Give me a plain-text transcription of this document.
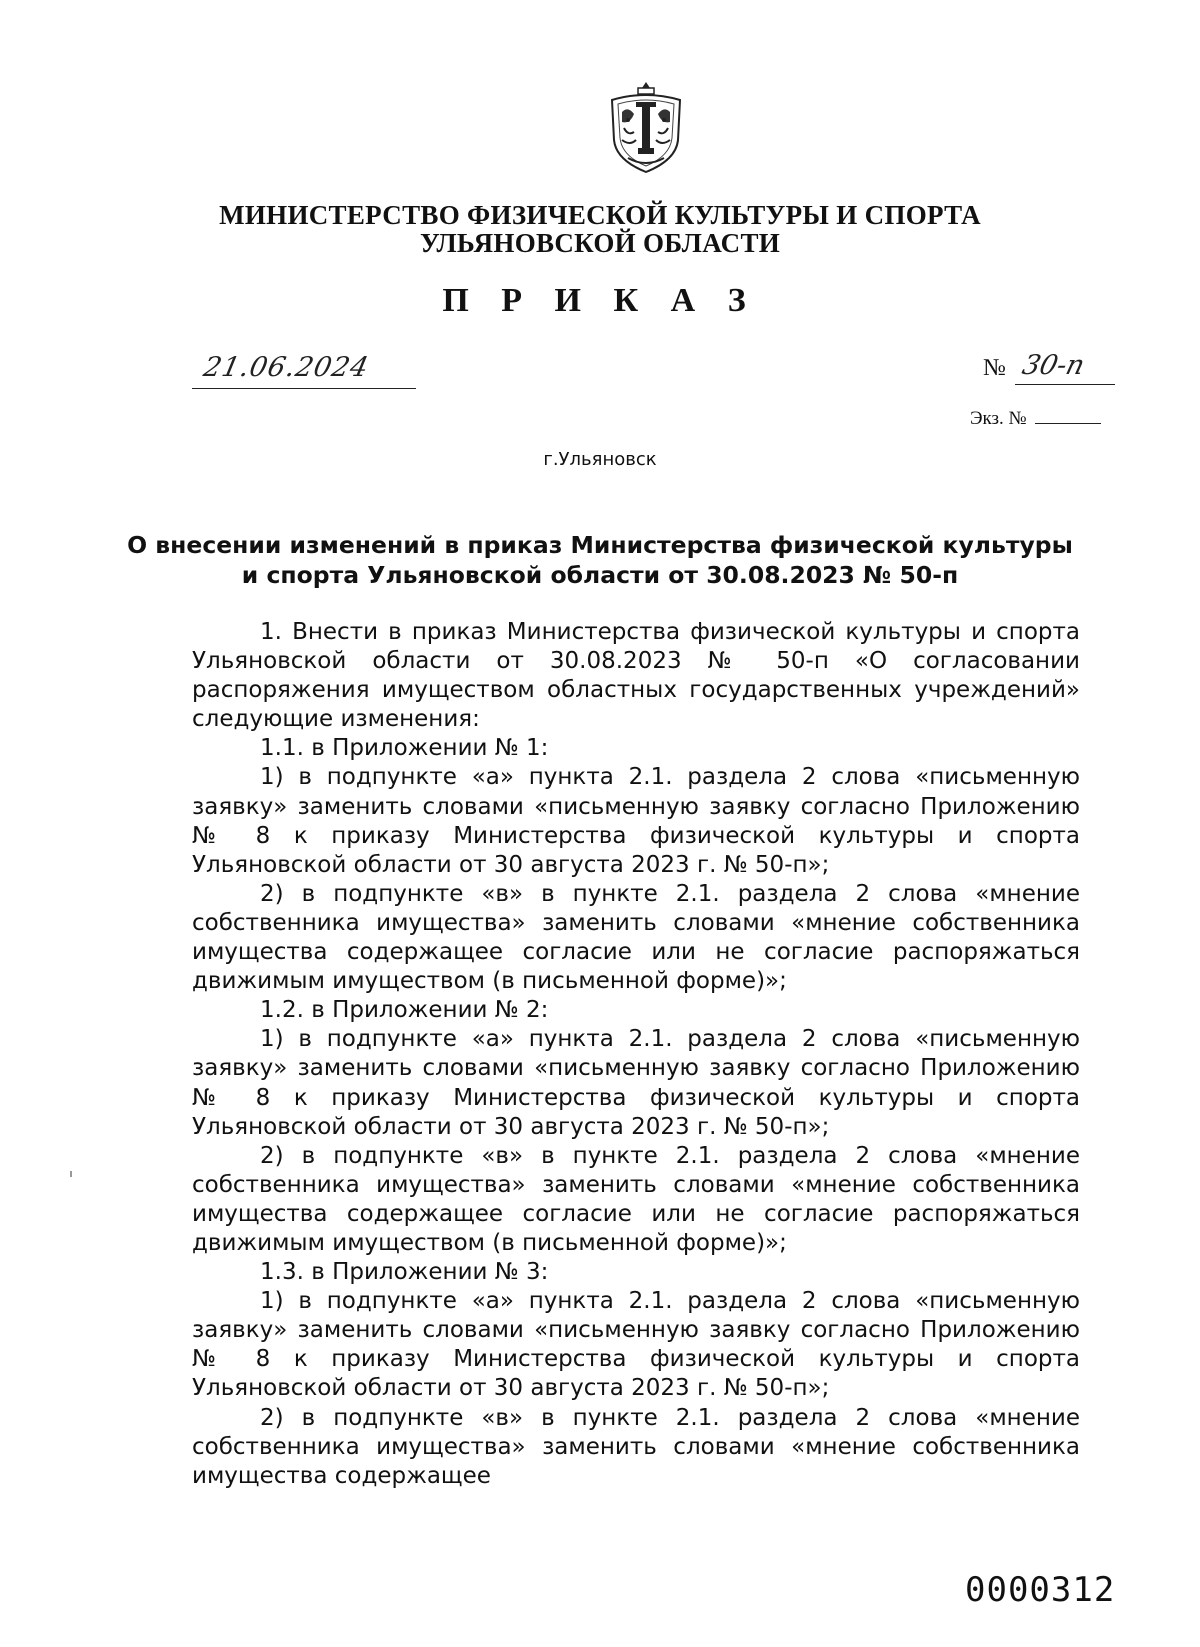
МИНИСТЕРСТВО ФИЗИЧЕСКОЙ КУЛЬТУРЫ И СПОРТА
УЛЬЯНОВСКОЙ ОБЛАСТИ
П Р И К А З
21.06.2024	№ 30-п
Экз. №
г.Ульяновск
О внесении изменений в приказ Министерства физической культуры
и спорта Ульяновской области от 30.08.2023 № 50-п

1. Внести в приказ Министерства физической культуры и спорта Ульяновской области от 30.08.2023 № 50-п «О согласовании распоряжения имуществом областных государственных учреждений» следующие изменения:

1.1. в Приложении № 1:

1) в подпункте «а» пункта 2.1. раздела 2 слова «письменную заявку» заменить словами «письменную заявку согласно Приложению № 8 к приказу Министерства физической культуры и спорта Ульяновской области от 30 августа 2023 г. № 50-п»;

2) в подпункте «в» в пункте 2.1. раздела 2 слова «мнение собственника имущества» заменить словами «мнение собственника имущества содержащее согласие или не согласие распоряжаться движимым имуществом (в письменной форме)»;

1.2. в Приложении № 2:

1) в подпункте «а» пункта 2.1. раздела 2 слова «письменную заявку» заменить словами «письменную заявку согласно Приложению № 8 к приказу Министерства физической культуры и спорта Ульяновской области от 30 августа 2023 г. № 50-п»;

2) в подпункте «в» в пункте 2.1. раздела 2 слова «мнение собственника имущества» заменить словами «мнение собственника имущества содержащее согласие или не согласие распоряжаться движимым имуществом (в письменной форме)»;

1.3. в Приложении № 3:

1) в подпункте «а» пункта 2.1. раздела 2 слова «письменную заявку» заменить словами «письменную заявку согласно Приложению № 8 к приказу Министерства физической культуры и спорта Ульяновской области от 30 августа 2023 г. № 50-п»;

2) в подпункте «в» в пункте 2.1. раздела 2 слова «мнение собственника имущества» заменить словами «мнение собственника имущества содержащее

0000312
